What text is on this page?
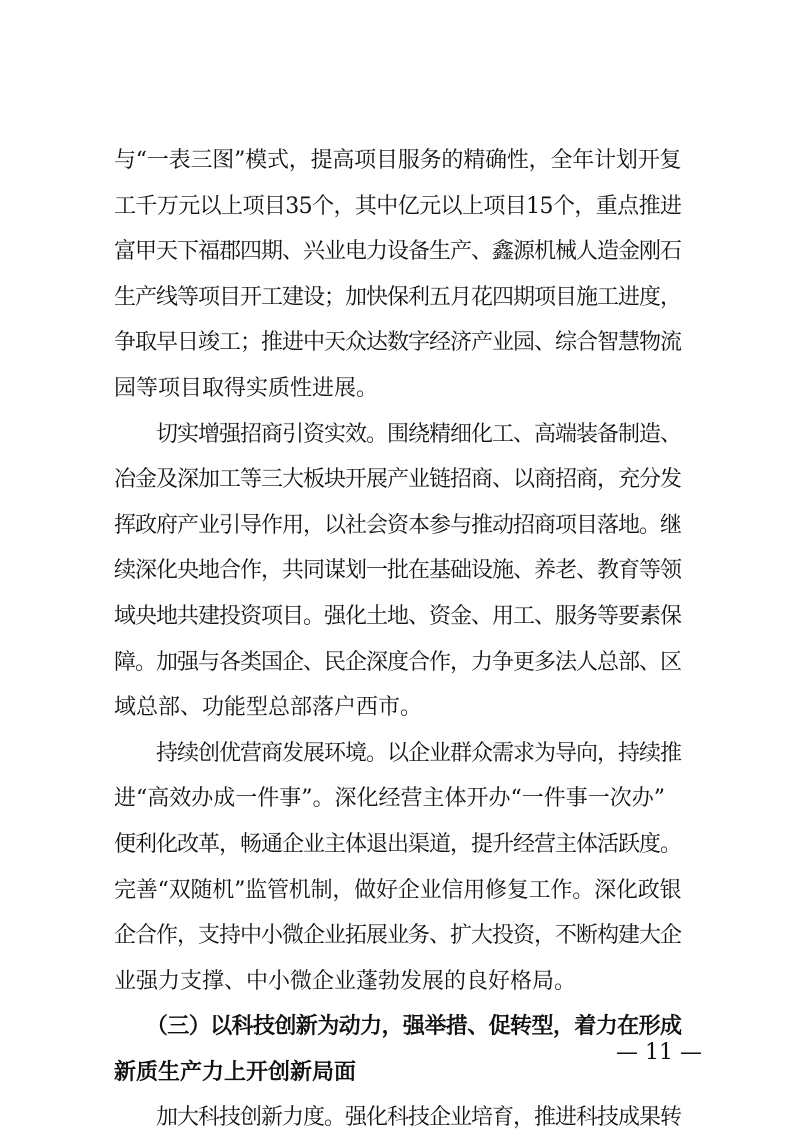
与“一表三图”模式，提高项目服务的精确性，全年计划开复
工千万元以上项目35个，其中亿元以上项目15个，重点推进
富甲天下福郡四期、兴业电力设备生产、鑫源机械人造金刚石
生产线等项目开工建设；加快保利五月花四期项目施工进度，
争取早日竣工；推进中天众达数字经济产业园、综合智慧物流
园等项目取得实质性进展。
　　切实增强招商引资实效。围绕精细化工、高端装备制造、
冶金及深加工等三大板块开展产业链招商、以商招商，充分发
挥政府产业引导作用，以社会资本参与推动招商项目落地。继
续深化央地合作，共同谋划一批在基础设施、养老、教育等领
域央地共建投资项目。强化土地、资金、用工、服务等要素保
障。加强与各类国企、民企深度合作，力争更多法人总部、区
域总部、功能型总部落户西市。
　　持续创优营商发展环境。以企业群众需求为导向，持续推
进“高效办成一件事”。深化经营主体开办“一件事一次办”
便利化改革，畅通企业主体退出渠道，提升经营主体活跃度。
完善“双随机”监管机制，做好企业信用修复工作。深化政银
企合作，支持中小微企业拓展业务、扩大投资，不断构建大企
业强力支撑、中小微企业蓬勃发展的良好格局。
　　（三）以科技创新为动力，强举措、促转型，着力在形成
新质生产力上开创新局面
　　加大科技创新力度。强化科技企业培育，推进科技成果转
— 11 —
